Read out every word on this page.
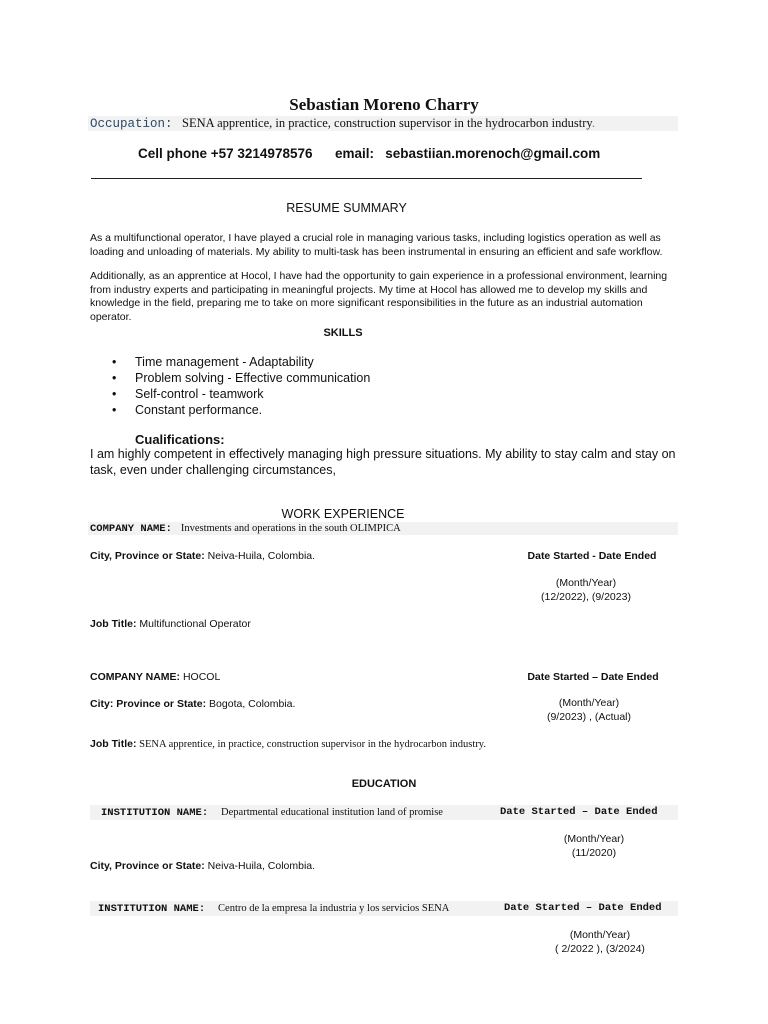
Sebastian Moreno Charry
Occupation: SENA apprentice, in practice, construction supervisor in the hydrocarbon industry.
Cell phone +57 3214978576      email:   sebastiian.morenoch@gmail.com
RESUME SUMMARY
As a multifunctional operator, I have played a crucial role in managing various tasks, including logistics operation as well as loading and unloading of materials. My ability to multi-task has been instrumental in ensuring an efficient and safe workflow.
Additionally, as an apprentice at Hocol, I have had the opportunity to gain experience in a professional environment, learning from industry experts and participating in meaningful projects. My time at Hocol has allowed me to develop my skills and knowledge in the field, preparing me to take on more significant responsibilities in the future as an industrial automation operator.
SKILLS
• Time management - Adaptability
• Problem solving - Effective communication
• Self-control - teamwork
• Constant performance.
Cualifications:
I am highly competent in effectively managing high pressure situations. My ability to stay calm and stay on task, even under challenging circumstances,
WORK EXPERIENCE
COMPANY NAME: Investments and operations in the south OLIMPICA
City, Province or State: Neiva-Huila, Colombia.	Date Started - Date Ended
(Month/Year)
(12/2022), (9/2023)
Job Title: Multifunctional Operator
COMPANY NAME: HOCOL	Date Started – Date Ended
City: Province or State: Bogota, Colombia.	(Month/Year)
(9/2023) , (Actual)
Job Title: SENA apprentice, in practice, construction supervisor in the hydrocarbon industry.
EDUCATION
INSTITUTION NAME: Departmental educational institution land of promise	Date Started – Date Ended
(Month/Year)
(11/2020)
City, Province or State: Neiva-Huila, Colombia.
INSTITUTION NAME: Centro de la empresa la industria y los servicios SENA	Date Started – Date Ended
(Month/Year)
( 2/2022 ), (3/2024)
